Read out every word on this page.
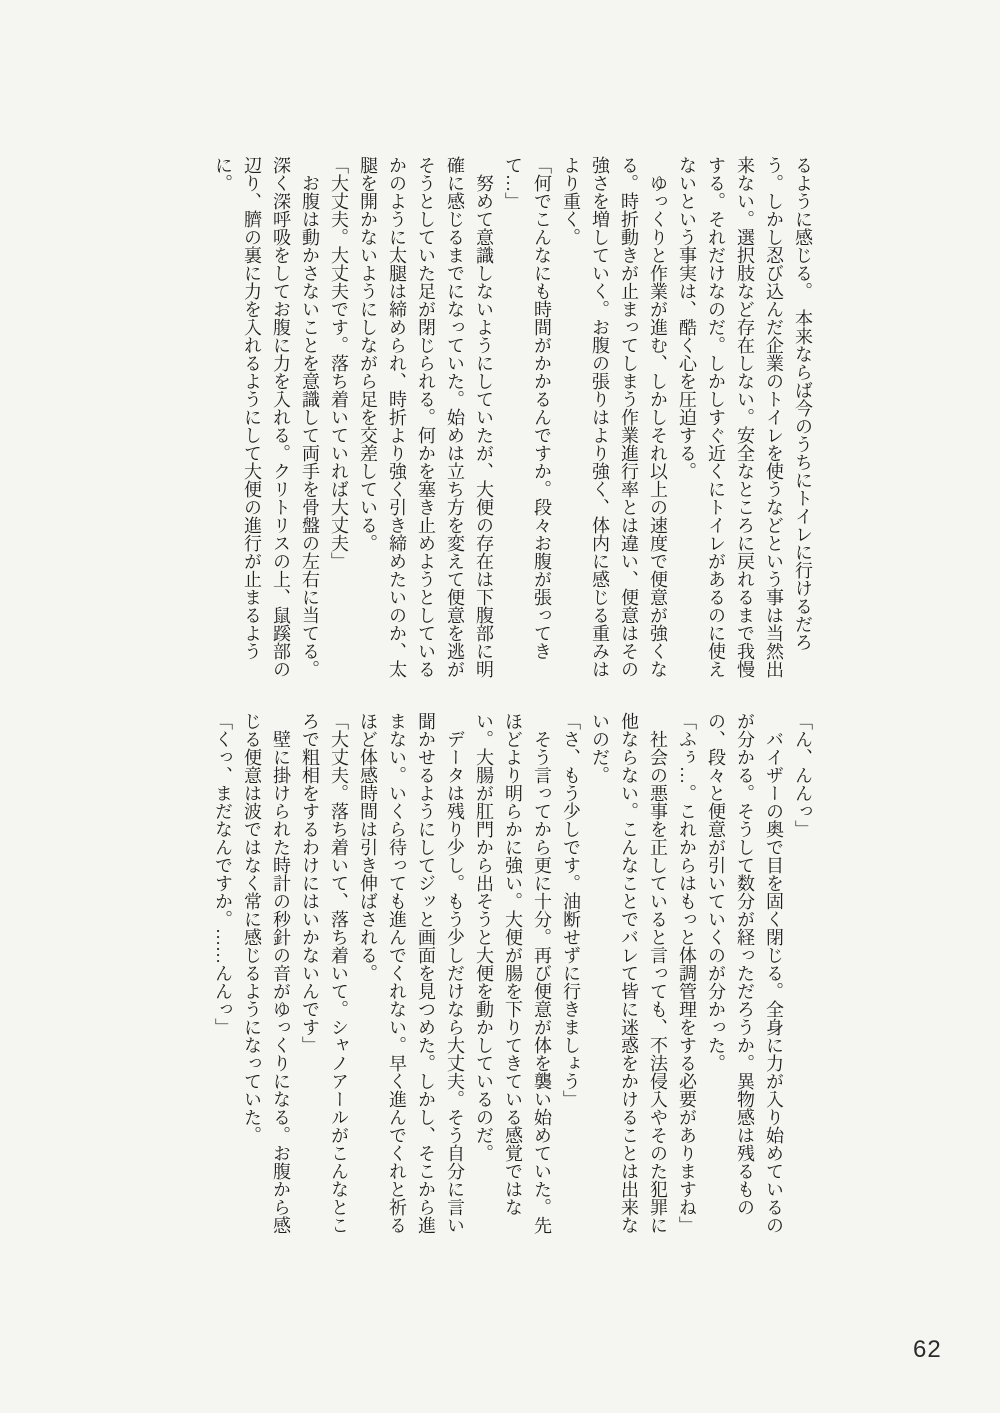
るように感じる。　本来ならば今のうちにトイレに行けるだろう。しかし忍び込んだ企業のトイレを使うなどという事は当然出来ない。選択肢など存在しない。安全なところに戻れるまで我慢する。それだけなのだ。しかしすぐ近くにトイレがあるのに使えないという事実は、酷く心を圧迫する。

　ゆっくりと作業が進む、しかしそれ以上の速度で便意が強くなる。時折動きが止まってしまう作業進行率とは違い、便意はその強さを増していく。お腹の張りはより強く、体内に感じる重みはより重く。

「何でこんなにも時間がかかるんですか。段々お腹が張ってきて…」

　努めて意識しないようにしていたが、大便の存在は下腹部に明確に感じるまでになっていた。始めは立ち方を変えて便意を逃がそうとしていた足が閉じられる。何かを塞き止めようとしているかのように太腿は締められ、時折より強く引き締めたいのか、太腿を開かないようにしながら足を交差している。

「大丈夫。大丈夫です。落ち着いていれば大丈夫」

　お腹は動かさないことを意識して両手を骨盤の左右に当てる。深く深呼吸をしてお腹に力を入れる。クリトリスの上、鼠蹊部の辺り、臍の裏に力を入れるようにして大便の進行が止まるように。

「ん、んんっ」

　バイザーの奥で目を固く閉じる。全身に力が入り始めているのが分かる。そうして数分が経っただろうか。異物感は残るものの、段々と便意が引いていくのが分かった。

「ふぅ…。これからはもっと体調管理をする必要がありますね」

　社会の悪事を正していると言っても、不法侵入やそのた犯罪に他ならない。こんなことでバレて皆に迷惑をかけることは出来ないのだ。

「さ、もう少しです。油断せずに行きましょう」

　そう言ってから更に十分。再び便意が体を襲い始めていた。先ほどより明らかに強い。大便が腸を下りてきている感覚ではない。大腸が肛門から出そうと大便を動かしているのだ。

　データは残り少し。もう少しだけなら大丈夫。そう自分に言い聞かせるようにしてジッと画面を見つめた。しかし、そこから進まない。いくら待っても進んでくれない。早く進んでくれと祈るほど体感時間は引き伸ばされる。

「大丈夫。落ち着いて、落ち着いて。シャノアールがこんなところで粗相をするわけにはいかないんです」

　壁に掛けられた時計の秒針の音がゆっくりになる。お腹から感じる便意は波ではなく常に感じるようになっていた。

「くっ、まだなんですか。……んんっ」

62
